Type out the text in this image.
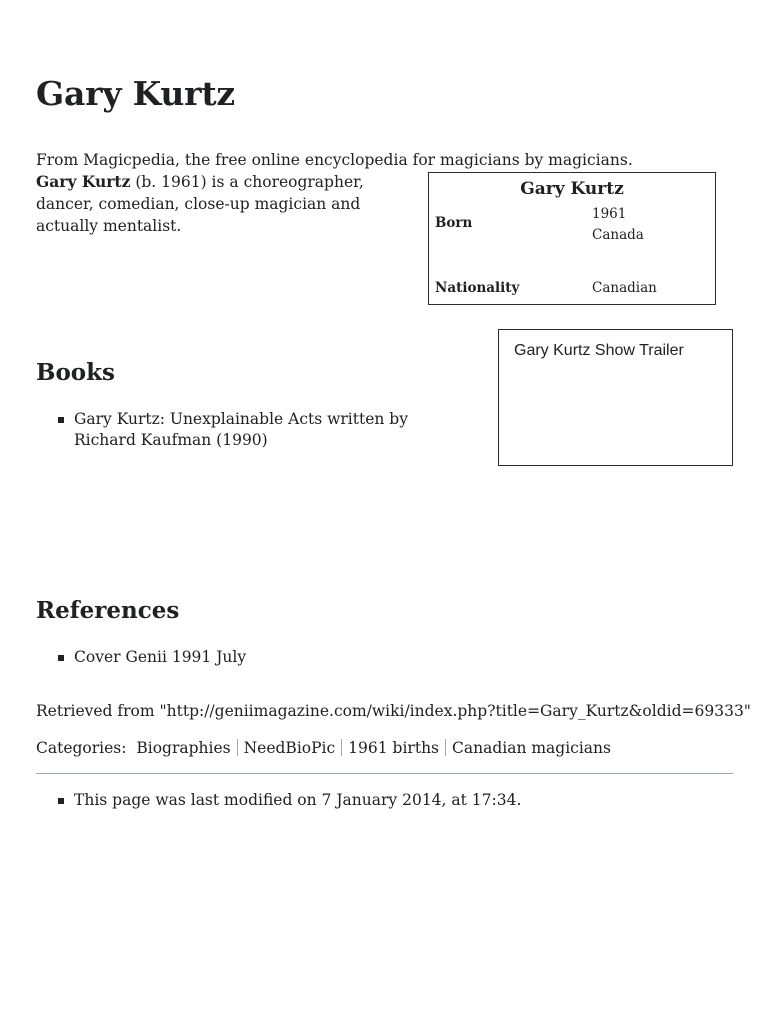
Gary Kurtz

From Magicpedia, the free online encyclopedia for magicians by magicians.

Gary Kurtz (b. 1961) is a choreographer, dancer, comedian, close-up magician and actually mentalist.

Gary Kurtz
Born
1961
Canada
Nationality	Canadian
Gary Kurtz Show Trailer
Books
Gary Kurtz: Unexplainable Acts written by Richard Kaufman (1990)
References
Cover Genii 1991 July
Retrieved from "http://geniimagazine.com/wiki/index.php?title=Gary_Kurtz&oldid=69333"
Categories: Biographies NeedBioPic 1961 births Canadian magicians
This page was last modified on 7 January 2014, at 17:34.
